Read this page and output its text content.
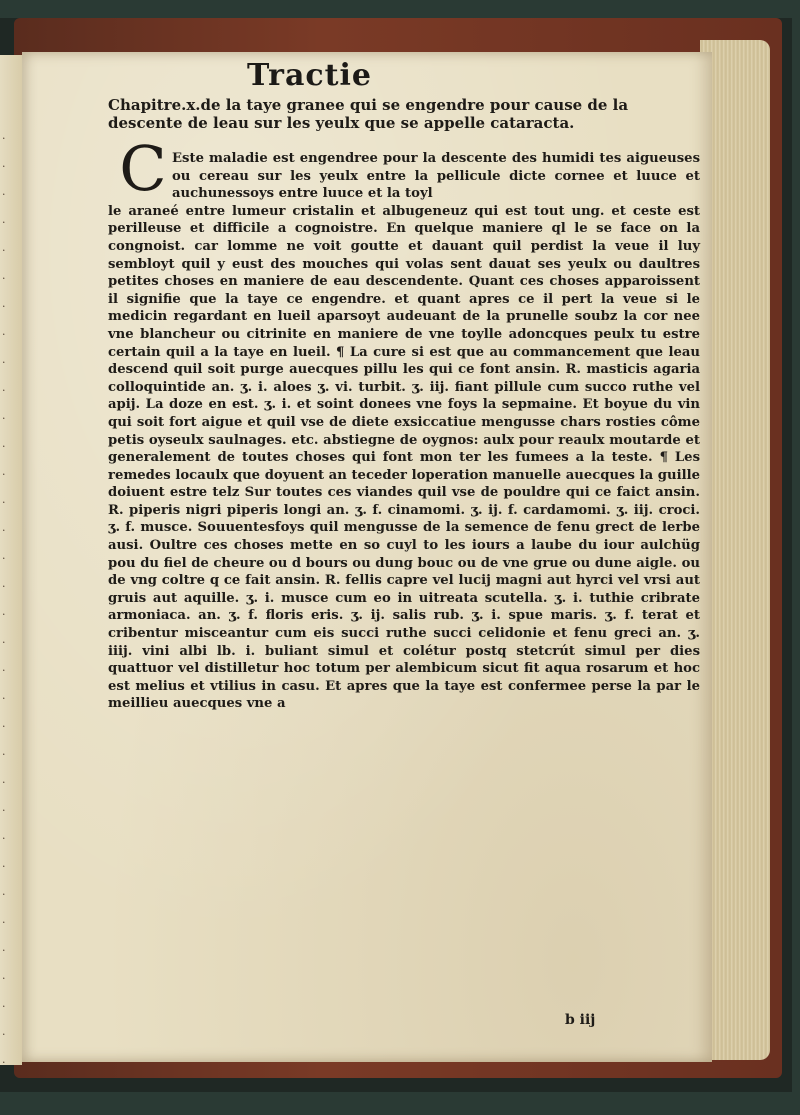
·
·
·
·
·
·
·
·
·
·
·
·
·
·
·
·
·
·
·
·
·
·
·
·
·
·
·
·
·
·
·
·
·
·
Tractie
Chapitre.x.de la taye granee qui se engendre pour cause de la descente de leau sur les yeulx que se appelle cataracta.
C Este maladie est engendree pour la descente des humidi tes aigueuses ou cereau sur les yeulx entre la pellicule dicte cornee et luuce et auchunessoys entre luuce et la toyl
le araneé entre lumeur cristalin et albugeneuz qui est tout ung. et ceste est perilleuse et difficile a cognoistre. En quelque maniere ql le se face on la congnoist. car lomme ne voit goutte et dauant quil perdist la veue il luy sembloyt quil y eust des mouches qui volas sent dauat ses yeulx ou daultres petites choses en maniere de eau descendente. Quant ces choses apparoissent il signifie que la taye ce engendre. et quant apres ce il pert la veue si le medicin regardant en lueil aparsoyt audeuant de la prunelle soubz la cor nee vne blancheur ou citrinite en maniere de vne toylle adoncques peulx tu estre certain quil a la taye en lueil. ¶ La cure si est que au commancement que leau descend quil soit purge auecques pillu les qui ce font ansin. R. masticis agaria colloquintide an. ʒ. i. aloes ʒ. vi. turbit. ʒ. iij. fiant pillule cum succo ruthe vel apij. La doze en est. ʒ. i. et soint donees vne foys la sepmaine. Et boyue du vin qui soit fort aigue et quil vse de diete exsiccatiue mengusse chars rosties côme petis oyseulx saulnages. etc. abstiegne de oygnos: aulx pour reaulx moutarde et generalement de toutes choses qui font mon ter les fumees a la teste. ¶ Les remedes locaulx que doyuent an teceder loperation manuelle auecques la guille doiuent estre telz Sur toutes ces viandes quil vse de pouldre qui ce faict ansin. R. piperis nigri piperis longi an. ʒ. f. cinamomi. ʒ. ij. f. cardamomi. ʒ. iij. croci. ʒ. f. musce. Souuentesfoys quil mengusse de la semence de fenu grect de lerbe ausi. Oultre ces choses mette en so cuyl to les iours a laube du iour aulchüg pou du fiel de cheure ou d bours ou dung bouc ou de vne grue ou dune aigle. ou de vng coltre q ce fait ansin. R. fellis capre vel lucij magni aut hyrci vel vrsi aut gruis aut aquille. ʒ. i. musce cum eo in uitreata scutella. ʒ. i. tuthie cribrate armoniaca. an. ʒ. f. floris eris. ʒ. ij. salis rub. ʒ. i. spue maris. ʒ. f. terat et cribentur misceantur cum eis succi ruthe succi celidonie et fenu greci an. ʒ. iiij. vini albi lb. i. buliant simul et colétur postq stetcrút simul per dies quattuor vel distilletur hoc totum per alembicum sicut fit aqua rosarum et hoc est melius et vtilius in casu. Et apres que la taye est confermee perse la par le meillieu auecques vne a
b iij
